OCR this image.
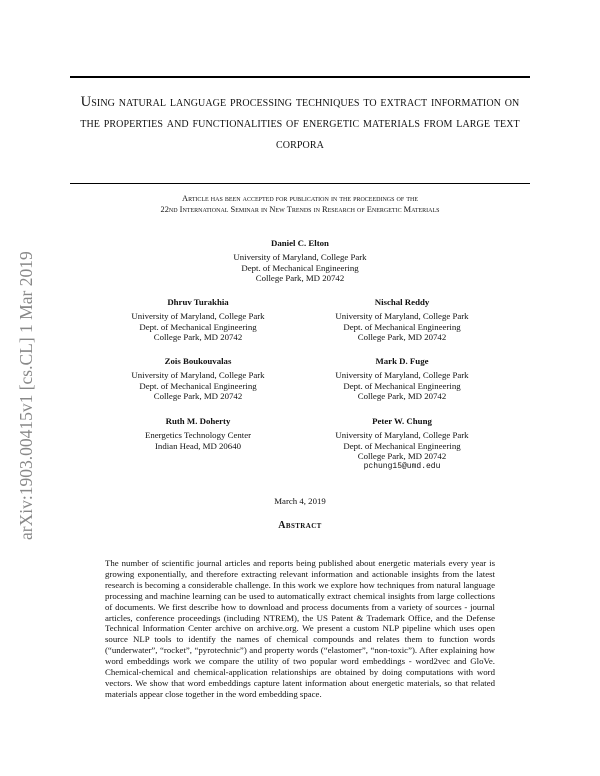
arXiv:1903.00415v1 [cs.CL] 1 Mar 2019
Using natural language processing techniques to extract information on the properties and functionalities of energetic materials from large text corpora
Article has been accepted for publication in the proceedings of the
22nd International Seminar in New Trends in Research of Energetic Materials
Daniel C. Elton
University of Maryland, College Park
Dept. of Mechanical Engineering
College Park, MD 20742
Dhruv Turakhia
University of Maryland, College Park
Dept. of Mechanical Engineering
College Park, MD 20742
Nischal Reddy
University of Maryland, College Park
Dept. of Mechanical Engineering
College Park, MD 20742
Zois Boukouvalas
University of Maryland, College Park
Dept. of Mechanical Engineering
College Park, MD 20742
Mark D. Fuge
University of Maryland, College Park
Dept. of Mechanical Engineering
College Park, MD 20742
Ruth M. Doherty
Energetics Technology Center
Indian Head, MD 20640
Peter W. Chung
University of Maryland, College Park
Dept. of Mechanical Engineering
College Park, MD 20742
pchung15@umd.edu
March 4, 2019
Abstract
The number of scientific journal articles and reports being published about energetic materials every year is growing exponentially, and therefore extracting relevant information and actionable insights from the latest research is becoming a considerable challenge. In this work we explore how techniques from natural language processing and machine learning can be used to automatically extract chemical insights from large collections of documents. We first describe how to download and process documents from a variety of sources - journal articles, conference proceedings (including NTREM), the US Patent & Trademark Office, and the Defense Technical Information Center archive on archive.org. We present a custom NLP pipeline which uses open source NLP tools to identify the names of chemical compounds and relates them to function words (“underwater”, “rocket”, “pyrotechnic”) and property words (“elastomer”, “non-toxic”). After explaining how word embeddings work we compare the utility of two popular word embeddings - word2vec and GloVe. Chemical-chemical and chemical-application relationships are obtained by doing computations with word vectors. We show that word embeddings capture latent information about energetic materials, so that related materials appear close together in the word embedding space.
